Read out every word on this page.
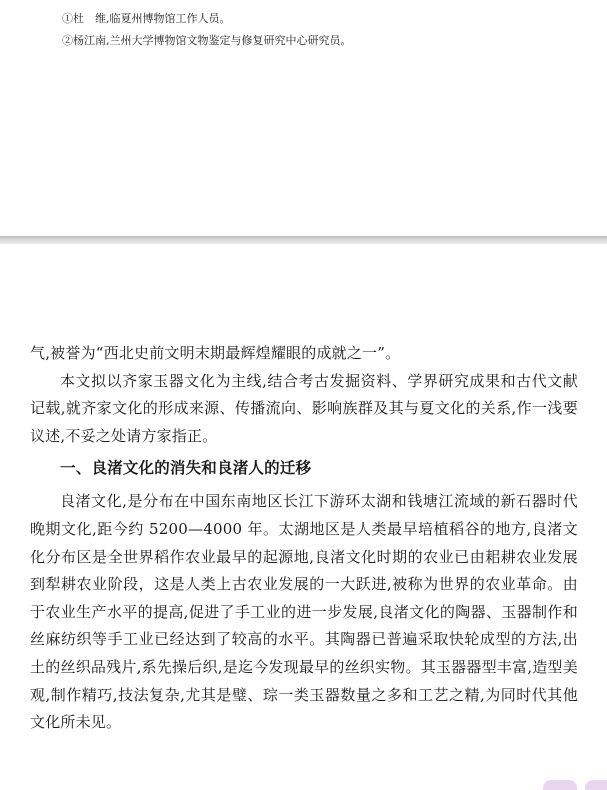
①杜　维,临夏州博物馆工作人员。
②杨江南,兰州大学博物馆文物鉴定与修复研究中心研究员。

气,被誉为“西北史前文明末期最辉煌耀眼的成就之一”。

本文拟以齐家玉器文化为主线,结合考古发掘资料、学界研究成果和古代文献记载,就齐家文化的形成来源、传播流向、影响族群及其与夏文化的关系,作一浅要议述,不妥之处请方家指正。

一、良渚文化的消失和良渚人的迁移

良渚文化,是分布在中国东南地区长江下游环太湖和钱塘江流域的新石器时代晚期文化,距今约 5200—4000 年。太湖地区是人类最早培植稻谷的地方,良渚文化分布区是全世界稻作农业最早的起源地,良渚文化时期的农业已由耜耕农业发展到犁耕农业阶段，这是人类上古农业发展的一大跃进,被称为世界的农业革命。由于农业生产水平的提高,促进了手工业的进一步发展,良渚文化的陶器、玉器制作和丝麻纺织等手工业已经达到了较高的水平。其陶器已普遍采取快轮成型的方法,出土的丝织品残片,系先操后织,是迄今发现最早的丝织实物。其玉器器型丰富,造型美观,制作精巧,技法复杂,尤其是璧、琮一类玉器数量之多和工艺之精,为同时代其他文化所未见。
